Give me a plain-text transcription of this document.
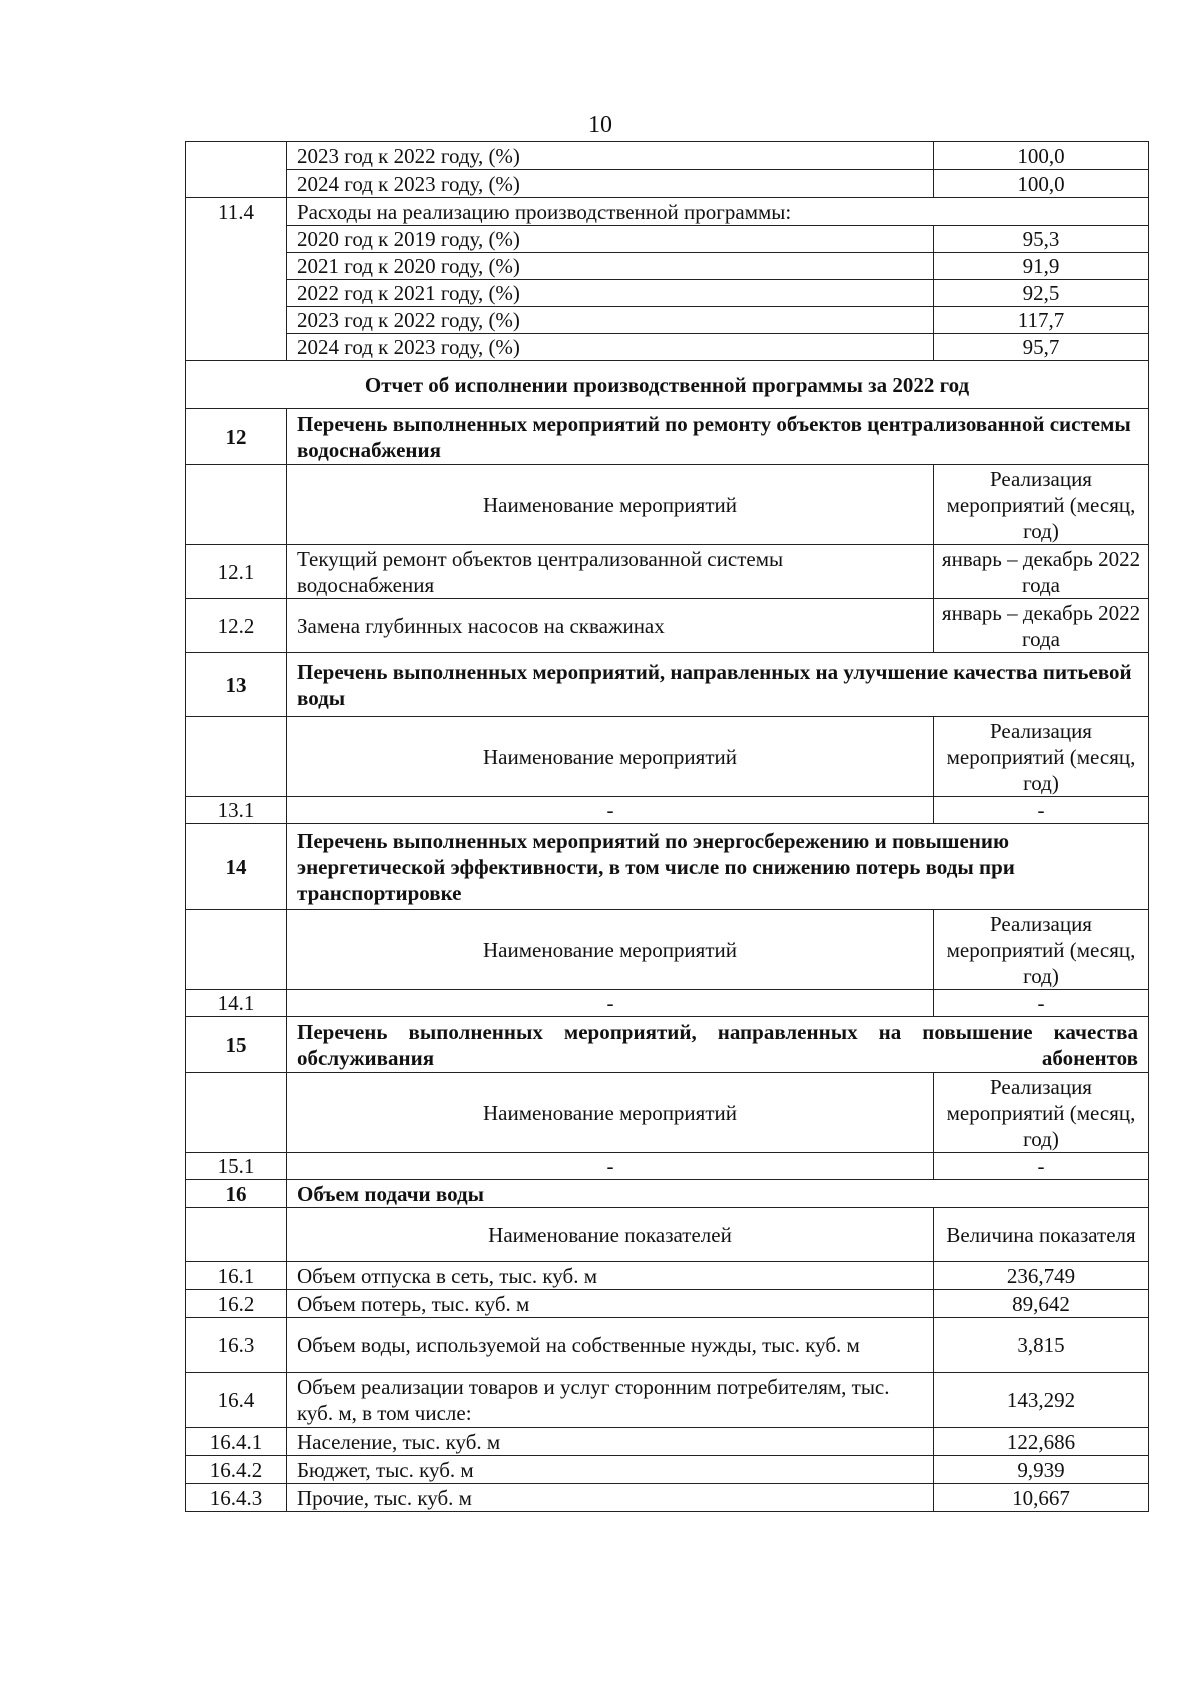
10
	2023 год к 2022 году, (%)	100,0
	2024 год к 2023 году, (%)	100,0
11.4	Расходы на реализацию производственной программы:	
	2020 год к 2019 году, (%)	95,3
	2021 год к 2020 году, (%)	91,9
	2022 год к 2021 году, (%)	92,5
	2023 год к 2022 году, (%)	117,7
	2024 год к 2023 году, (%)	95,7
Отчет об исполнении производственной программы за 2022 год		
12	Перечень выполненных мероприятий по ремонту объектов централизованной системы водоснабжения	
	Наименование мероприятий	Реализация мероприятий (месяц, год)
12.1	Текущий ремонт объектов централизованной системы водоснабжения	январь – декабрь 2022 года
12.2	Замена глубинных насосов на скважинах	январь – декабрь 2022 года
13	Перечень выполненных мероприятий, направленных на улучшение качества питьевой воды	
	Наименование мероприятий	Реализация мероприятий (месяц, год)
13.1	-	-
14	Перечень выполненных мероприятий по энергосбережению и повышению энергетической эффективности, в том числе по снижению потерь воды при транспортировке	
	Наименование мероприятий	Реализация мероприятий (месяц, год)
14.1	-	-
15	Перечень выполненных мероприятий, направленных на повышение качества обслуживания абонентов	
	Наименование мероприятий	Реализация мероприятий (месяц, год)
15.1	-	-
16	Объем подачи воды	
	Наименование показателей	Величина показателя
16.1	Объем отпуска в сеть, тыс. куб. м	236,749
16.2	Объем потерь, тыс. куб. м	89,642
16.3	Объем воды, используемой на собственные нужды, тыс. куб. м	3,815
16.4	Объем реализации товаров и услуг сторонним потребителям, тыс. куб. м, в том числе:	143,292
16.4.1	Население, тыс. куб. м	122,686
16.4.2	Бюджет, тыс. куб. м	9,939
16.4.3	Прочие, тыс. куб. м	10,667
